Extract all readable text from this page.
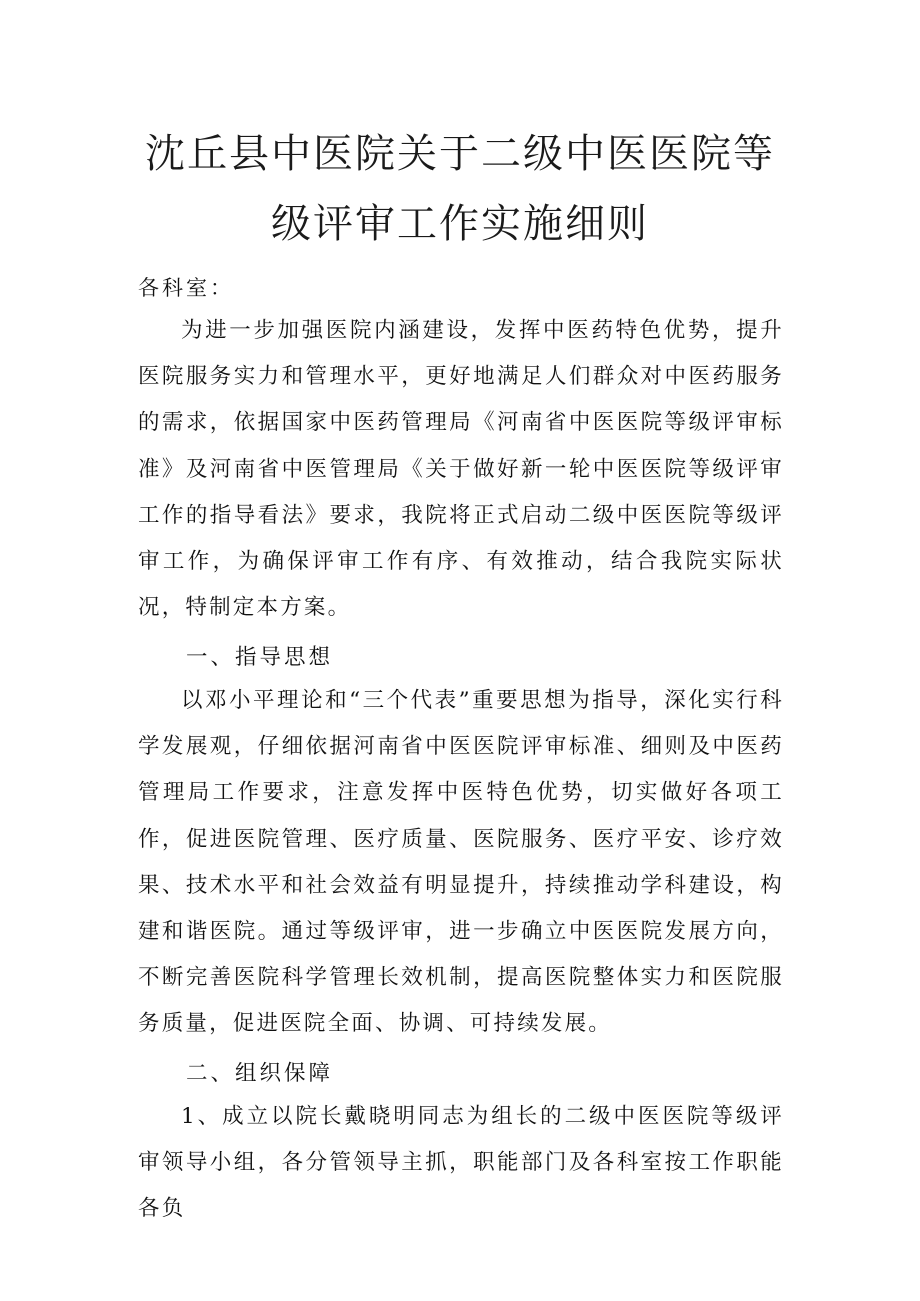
沈丘县中医院关于二级中医医院等
级评审工作实施细则
各科室：

为进一步加强医院内涵建设，发挥中医药特色优势，提升医院服务实力和管理水平，更好地满足人们群众对中医药服务的需求，依据国家中医药管理局《河南省中医医院等级评审标准》及河南省中医管理局《关于做好新一轮中医医院等级评审工作的指导看法》要求，我院将正式启动二级中医医院等级评审工作，为确保评审工作有序、有效推动，结合我院实际状况，特制定本方案。

一、指导思想

以邓小平理论和“三个代表”重要思想为指导，深化实行科学发展观，仔细依据河南省中医医院评审标准、细则及中医药管理局工作要求，注意发挥中医特色优势，切实做好各项工作，促进医院管理、医疗质量、医院服务、医疗平安、诊疗效果、技术水平和社会效益有明显提升，持续推动学科建设，构建和谐医院。通过等级评审，进一步确立中医医院发展方向，不断完善医院科学管理长效机制，提高医院整体实力和医院服务质量，促进医院全面、协调、可持续发展。

二、组织保障

1、成立以院长戴晓明同志为组长的二级中医医院等级评审领导小组，各分管领导主抓，职能部门及各科室按工作职能各负
